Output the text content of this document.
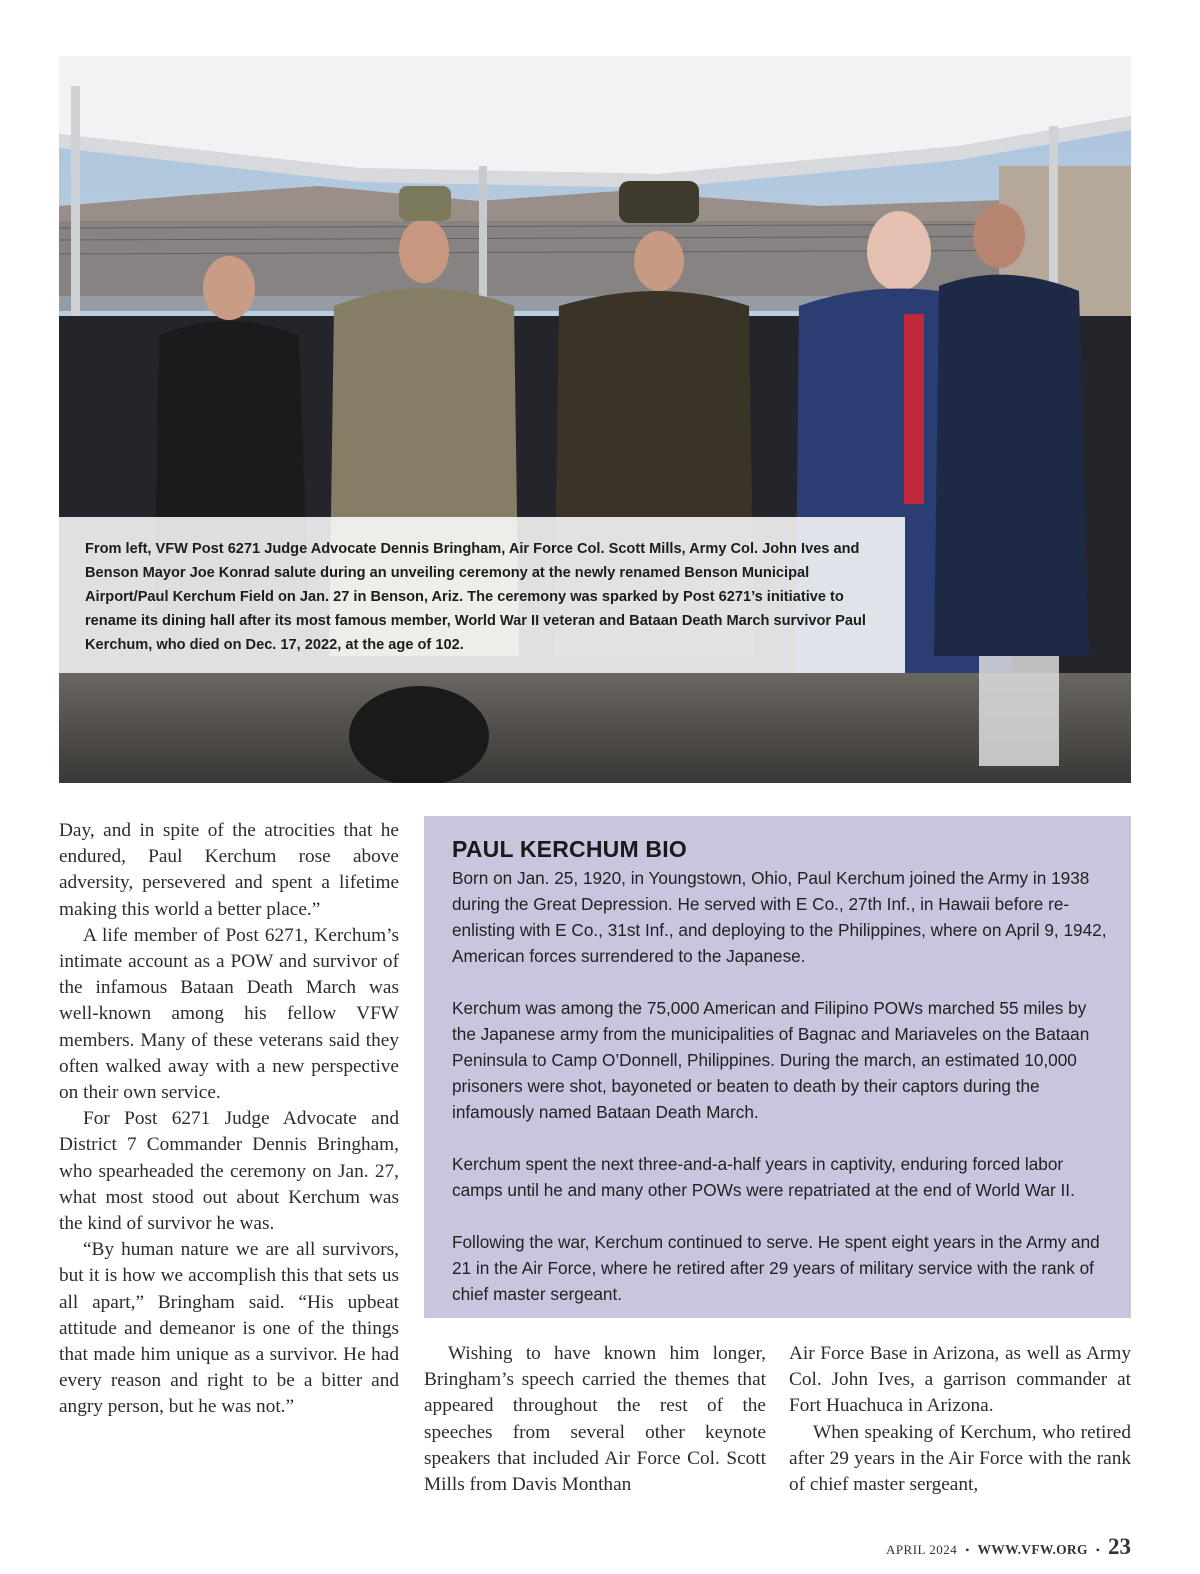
From left, VFW Post 6271 Judge Advocate Dennis Bringham, Air Force Col. Scott Mills, Army Col. John Ives and Benson Mayor Joe Konrad salute during an unveiling ceremony at the newly renamed Benson Municipal Airport/Paul Kerchum Field on Jan. 27 in Benson, Ariz. The ceremony was sparked by Post 6271’s initiative to rename its dining hall after its most famous member, World War II veteran and Bataan Death March survivor Paul Kerchum, who died on Dec. 17, 2022, at the age of 102.

Day, and in spite of the atrocities that he endured, Paul Kerchum rose above adversity, persevered and spent a lifetime making this world a better place.”

A life member of Post 6271, Kerchum’s intimate account as a POW and survivor of the infamous Bataan Death March was well-known among his fellow VFW members. Many of these veterans said they often walked away with a new perspective on their own service.

For Post 6271 Judge Advocate and District 7 Commander Dennis Bringham, who spearheaded the ceremony on Jan. 27, what most stood out about Kerchum was the kind of survivor he was.

“By human nature we are all survivors, but it is how we accomplish this that sets us all apart,” Bringham said. “His upbeat attitude and demeanor is one of the things that made him unique as a survivor. He had every reason and right to be a bitter and angry person, but he was not.”

PAUL KERCHUM BIO

Born on Jan. 25, 1920, in Youngstown, Ohio, Paul Kerchum joined the Army in 1938 during the Great Depression. He served with E Co., 27th Inf., in Hawaii before re-enlisting with E Co., 31st Inf., and deploying to the Philippines, where on April 9, 1942, American forces surrendered to the Japanese.

Kerchum was among the 75,000 American and Filipino POWs marched 55 miles by the Japanese army from the municipalities of Bagnac and Mariaveles on the Bataan Peninsula to Camp O’Donnell, Philippines. During the march, an estimated 10,000 prisoners were shot, bayoneted or beaten to death by their captors during the infamously named Bataan Death March.

Kerchum spent the next three-and-a-half years in captivity, enduring forced labor camps until he and many other POWs were repatriated at the end of World War II.

Following the war, Kerchum continued to serve. He spent eight years in the Army and 21 in the Air Force, where he retired after 29 years of military service with the rank of chief master sergeant.

Wishing to have known him longer, Bringham’s speech carried the themes that appeared throughout the rest of the speeches from several other keynote speakers that included Air Force Col. Scott Mills from Davis Monthan

Air Force Base in Arizona, as well as Army Col. John Ives, a garrison commander at Fort Huachuca in Arizona.

When speaking of Kerchum, who retired after 29 years in the Air Force with the rank of chief master sergeant,

APRIL 2024 • WWW.VFW.ORG • 23
